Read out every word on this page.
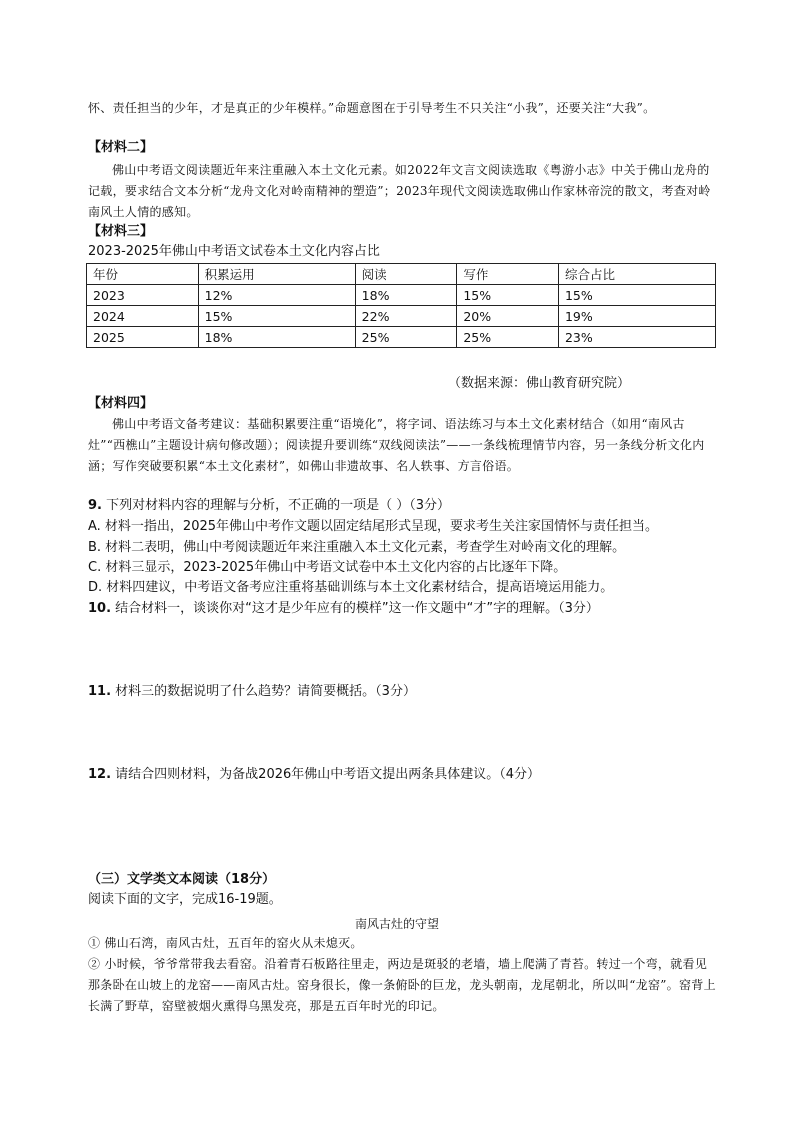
怀、责任担当的少年，才是真正的少年模样。”命题意图在于引导考生不只关注“小我”，还要关注“大我”。
【材料二】
佛山中考语文阅读题近年来注重融入本土文化元素。如2022年文言文阅读选取《粤游小志》中关于佛山龙舟的记载，要求结合文本分析“龙舟文化对岭南精神的塑造”；2023年现代文阅读选取佛山作家林帝浣的散文，考查对岭南风土人情的感知。
【材料三】
2023-2025年佛山中考语文试卷本土文化内容占比
年份	积累运用	阅读	写作	综合占比
2023	12%	18%	15%	15%
2024	15%	22%	20%	19%
2025	18%	25%	25%	23%
（数据来源：佛山教育研究院）
【材料四】
佛山中考语文备考建议：基础积累要注重“语境化”，将字词、语法练习与本土文化素材结合（如用“南风古灶”“西樵山”主题设计病句修改题）；阅读提升要训练“双线阅读法”——一条线梳理情节内容，另一条线分析文化内涵；写作突破要积累“本土文化素材”，如佛山非遗故事、名人轶事、方言俗语。
9. 下列对材料内容的理解与分析，不正确的一项是（ ）（3分）
A. 材料一指出，2025年佛山中考作文题以固定结尾形式呈现，要求考生关注家国情怀与责任担当。
B. 材料二表明，佛山中考阅读题近年来注重融入本土文化元素，考查学生对岭南文化的理解。
C. 材料三显示，2023-2025年佛山中考语文试卷中本土文化内容的占比逐年下降。
D. 材料四建议，中考语文备考应注重将基础训练与本土文化素材结合，提高语境运用能力。
10. 结合材料一，谈谈你对“这才是少年应有的模样”这一作文题中“才”字的理解。（3分）
11. 材料三的数据说明了什么趋势？请简要概括。（3分）
12. 请结合四则材料，为备战2026年佛山中考语文提出两条具体建议。（4分）
（三）文学类文本阅读（18分）
阅读下面的文字，完成16-19题。
南风古灶的守望
① 佛山石湾，南风古灶，五百年的窑火从未熄灭。
② 小时候，爷爷常带我去看窑。沿着青石板路往里走，两边是斑驳的老墙，墙上爬满了青苔。转过一个弯，就看见那条卧在山坡上的龙窑——南风古灶。窑身很长，像一条俯卧的巨龙，龙头朝南，龙尾朝北，所以叫“龙窑”。窑背上长满了野草，窑壁被烟火熏得乌黑发亮，那是五百年时光的印记。
